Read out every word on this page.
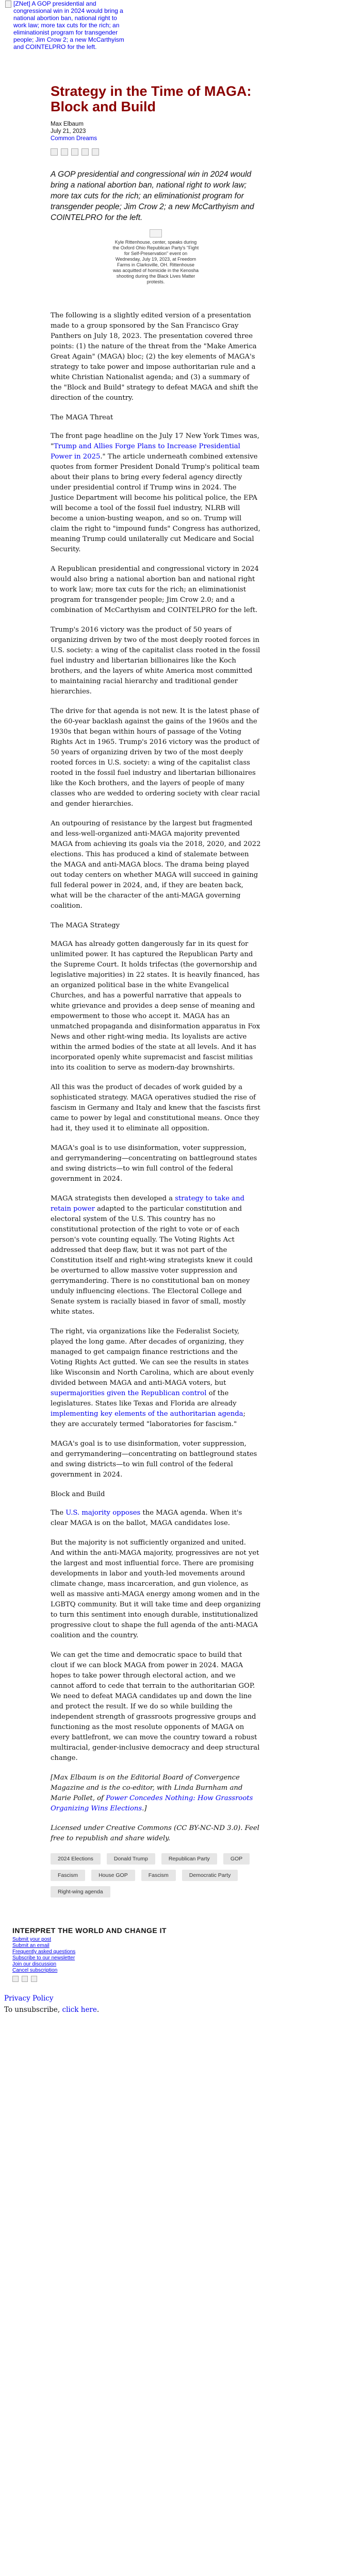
[ZNet] A GOP presidential and congressional win in 2024 would bring a national abortion ban, national right to work law; more tax cuts for the rich; an eliminationist program for transgender people; Jim Crow 2; a new McCarthyism and COINTELPRO for the left.
Strategy in the Time of MAGA: Block and Build
Max Elbaum
July 21, 2023
Common Dreams

A GOP presidential and congressional win in 2024 would bring a national abortion ban, national right to work law; more tax cuts for the rich; an eliminationist program for transgender people; Jim Crow 2; a new McCarthyism and COINTELPRO for the left.

Kyle Rittenhouse, center, speaks during the Oxford Ohio Republican Party's "Fight for Self-Preservation" event on Wednesday, July 19, 2023, at Freedom Farms in Clarksville, OH. Rittenhouse was acquitted of homicide in the Kenosha shooting during the Black Lives Matter protests.

The following is a slightly edited version of a presentation made to a group sponsored by the San Francisco Gray Panthers on July 18, 2023. The presentation covered three points: (1) the nature of the threat from the "Make America Great Again" (MAGA) bloc; (2) the key elements of MAGA's strategy to take power and impose authoritarian rule and a white Christian Nationalist agenda; and (3) a summary of the "Block and Build" strategy to defeat MAGA and shift the direction of the country.

The MAGA Threat

The front page headline on the July 17 New York Times was, "Trump and Allies Forge Plans to Increase Presidential Power in 2025." The article underneath combined extensive quotes from former President Donald Trump's political team about their plans to bring every federal agency directly under presidential control if Trump wins in 2024. The Justice Department will become his political police, the EPA will become a tool of the fossil fuel industry, NLRB will become a union-busting weapon, and so on. Trump will claim the right to "impound funds" Congress has authorized, meaning Trump could unilaterally cut Medicare and Social Security.

A Republican presidential and congressional victory in 2024 would also bring a national abortion ban and national right to work law; more tax cuts for the rich; an eliminationist program for transgender people; Jim Crow 2.0; and a combination of McCarthyism and COINTELPRO for the left.

Trump's 2016 victory was the product of 50 years of organizing driven by two of the most deeply rooted forces in U.S. society: a wing of the capitalist class rooted in the fossil fuel industry and libertarian billionaires like the Koch brothers, and the layers of white America most committed to maintaining racial hierarchy and traditional gender hierarchies.

The drive for that agenda is not new. It is the latest phase of the 60-year backlash against the gains of the 1960s and the 1930s that began within hours of passage of the Voting Rights Act in 1965. Trump's 2016 victory was the product of 50 years of organizing driven by two of the most deeply rooted forces in U.S. society: a wing of the capitalist class rooted in the fossil fuel industry and libertarian billionaires like the Koch brothers, and the layers of people of many classes who are wedded to ordering society with clear racial and gender hierarchies.

An outpouring of resistance by the largest but fragmented and less-well-organized anti-MAGA majority prevented MAGA from achieving its goals via the 2018, 2020, and 2022 elections. This has produced a kind of stalemate between the MAGA and anti-MAGA blocs. The drama being played out today centers on whether MAGA will succeed in gaining full federal power in 2024, and, if they are beaten back, what will be the character of the anti-MAGA governing coalition.

The MAGA Strategy

MAGA has already gotten dangerously far in its quest for unlimited power. It has captured the Republican Party and the Supreme Court. It holds trifectas (the governorship and legislative majorities) in 22 states. It is heavily financed, has an organized political base in the white Evangelical Churches, and has a powerful narrative that appeals to white grievance and provides a deep sense of meaning and empowerment to those who accept it. MAGA has an unmatched propaganda and disinformation apparatus in Fox News and other right-wing media. Its loyalists are active within the armed bodies of the state at all levels. And it has incorporated openly white supremacist and fascist militias into its coalition to serve as modern-day brownshirts.

All this was the product of decades of work guided by a sophisticated strategy. MAGA operatives studied the rise of fascism in Germany and Italy and knew that the fascists first came to power by legal and constitutional means. Once they had it, they used it to eliminate all opposition.

MAGA's goal is to use disinformation, voter suppression, and gerrymandering—concentrating on battleground states and swing districts—to win full control of the federal government in 2024.

MAGA strategists then developed a strategy to take and retain power adapted to the particular constitution and electoral system of the U.S. This country has no constitutional protection of the right to vote or of each person's vote counting equally. The Voting Rights Act addressed that deep flaw, but it was not part of the Constitution itself and right-wing strategists knew it could be overturned to allow massive voter suppression and gerrymandering. There is no constitutional ban on money unduly influencing elections. The Electoral College and Senate system is racially biased in favor of small, mostly white states.

The right, via organizations like the Federalist Society, played the long game. After decades of organizing, they managed to get campaign finance restrictions and the Voting Rights Act gutted. We can see the results in states like Wisconsin and North Carolina, which are about evenly divided between MAGA and anti-MAGA voters, but supermajorities given the Republican control of the legislatures. States like Texas and Florida are already implementing key elements of the authoritarian agenda; they are accurately termed "laboratories for fascism."

MAGA's goal is to use disinformation, voter suppression, and gerrymandering—concentrating on battleground states and swing districts—to win full control of the federal government in 2024.

Block and Build

The U.S. majority opposes the MAGA agenda. When it's clear MAGA is on the ballot, MAGA candidates lose.

But the majority is not sufficiently organized and united. And within the anti-MAGA majority, progressives are not yet the largest and most influential force. There are promising developments in labor and youth-led movements around climate change, mass incarceration, and gun violence, as well as massive anti-MAGA energy among women and in the LGBTQ community. But it will take time and deep organizing to turn this sentiment into enough durable, institutionalized progressive clout to shape the full agenda of the anti-MAGA coalition and the country.

We can get the time and democratic space to build that clout if we can block MAGA from power in 2024. MAGA hopes to take power through electoral action, and we cannot afford to cede that terrain to the authoritarian GOP. We need to defeat MAGA candidates up and down the line and protect the result. If we do so while building the independent strength of grassroots progressive groups and functioning as the most resolute opponents of MAGA on every battlefront, we can move the country toward a robust multiracial, gender-inclusive democracy and deep structural change.

[Max Elbaum is on the Editorial Board of Convergence Magazine and is the co-editor, with Linda Burnham and Marie Pollet, of Power Concedes Nothing: How Grassroots Organizing Wins Elections.]

Licensed under Creative Commons (CC BY-NC-ND 3.0). Feel free to republish and share widely.

2024 Elections	Donald Trump	Republican Party	GOP
Fascism	House GOP	Fascism	Democratic Party
Right-wing agenda
INTERPRET THE WORLD AND CHANGE IT
Submit your post
Submit an email
Frequently asked questions
Subscribe to our newsletter
Join our discussion
Cancel subscription
Privacy Policy
To unsubscribe, click here.
